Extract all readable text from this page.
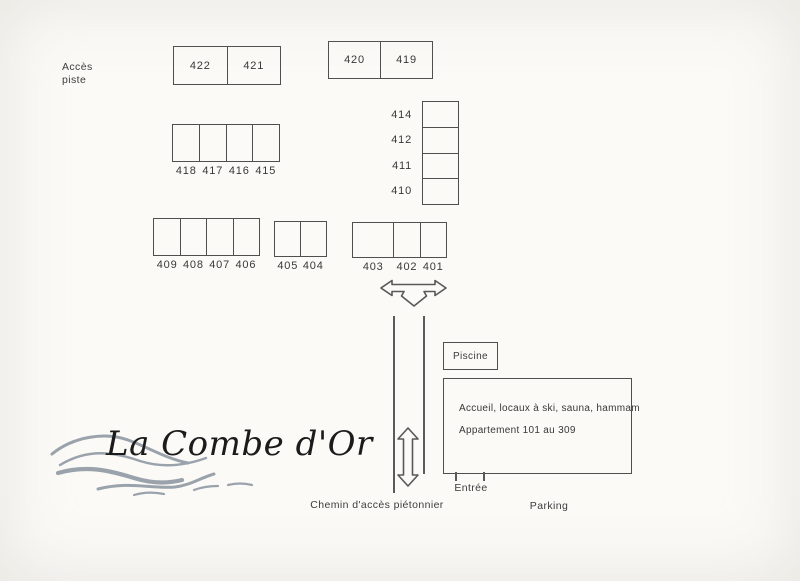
Accès
piste
422	421	420	419
418 417 416 415
414
412
411
410
409 408 407 406 405 404	403 402 401
Piscine
Accueil, locaux à ski, sauna, hammam
Appartement 101 au 309
Entrée
Parking
Chemin d'accès piétonnier
La Combe d'Or
